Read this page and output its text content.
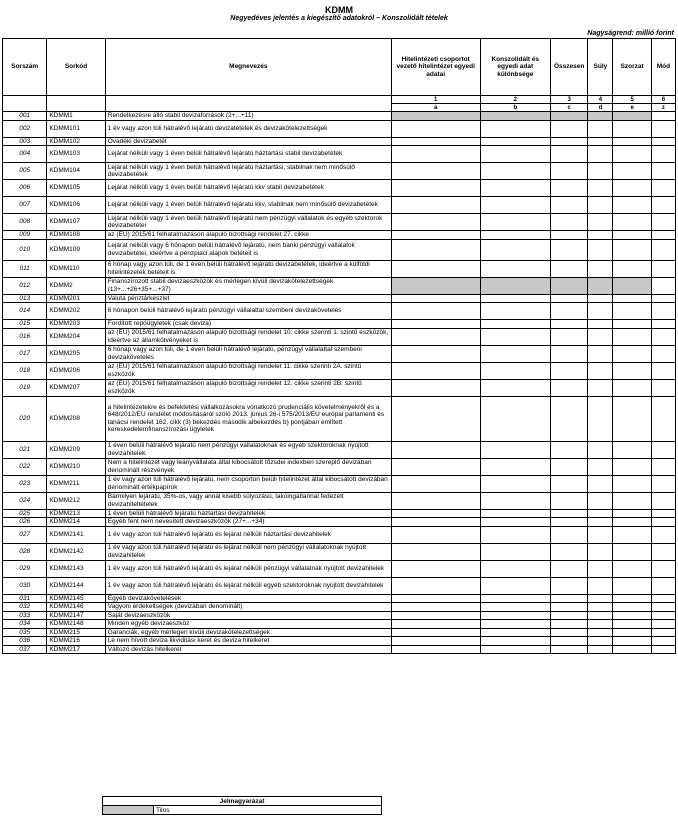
KDMM
Negyedéves jelentés a kiegészítő adatokról – Konszolidált tételek
Nagyságrend: millió forint
Sorszám	Sorkód	Megnevezés	Hitelintézeti csoportot vezető hitelintézet egyedi adatai	Konszolidált és egyedi adat különbsége	Összesen	Súly	Szorzat	Mód
			1	2	3	4	5	6
			a	b	c	d	e	z
001	KDMM1	Rendelkezésre álló stabil devizaforrások (2+...+11)						
002	KDMM101	1 év vagy azon túli hátralévő lejáratú devizatételek és devizakötelezettségek						
003	KDMM102	Óvadéki devizabetét						
004	KDMM103	Lejárat nélküli vagy 1 éven belüli hátralévő lejáratú háztartási stabil devizabetétek						
005	KDMM104	Lejárat nélküli vagy 1 éven belüli hátralévő lejáratú háztartási, stabilnak nem minősülő devizabetétek						
006	KDMM105	Lejárat nélküli vagy 1 éven belüli hátralévő lejáratú kkv stabil devizabetétek						
007	KDMM106	Lejárat nélküli vagy 1 éven belüli hátralévő lejáratú kkv, stabilnak nem minősülő devizabetétek						
008	KDMM107	Lejárat nélküli vagy 1 éven belüli hátralévő lejáratú nem pénzügyi vállalatok és egyéb szektorok devizabetétei						
009	KDMM108	az (EU) 2015/61 felhatalmazáson alapuló bizottsági rendelet 27. cikke						
010	KDMM109	Lejárat nélküli vagy 6 hónapon belüli hátralévő lejáratú, nem banki pénzügyi vállalatok devizabetétei, ideértve a pénzpiaci alapok betéteit is						
011	KDMM110	6 hónap vagy azon túli, de 1 éven belüli hátralévő lejáratú devizabetétek, ideértve a külföldi hitelintézetek betéteit is						
012	KDMM2	Finanszírozott stabil devizaeszközök és mérlegen kívüli devizakötelezettségek (13+...+26+35+...+37)						
013	KDMM201	Valuta pénztárkészlet						
014	KDMM202	6 hónapon belüli hátralévő lejáratú pénzügyi vállalattal szembeni devizakövetelés						
015	KDMM203	Fordított repóügyletek (csak deviza)						
016	KDMM204	az (EU) 2015/61 felhatalmazáson alapuló bizottsági rendelet 10. cikke szerinti 1. szintű eszközök, ideértve az államkötvényeket is						
017	KDMM205	6 hónap vagy azon túli, de 1 éven belüli hátralévő lejáratú, pénzügyi vállalattal szembeni devizakövetelés						
018	KDMM206	az (EU) 2015/61 felhatalmazáson alapuló bizottsági rendelet 11. cikke szerinti 2A. szintű eszközök						
019	KDMM207	az (EU) 2015/61 felhatalmazáson alapuló bizottsági rendelet 12. cikke szerinti 2B. szintű eszközök						
020	KDMM208	a hitelintézetekre és befektetési vállalkozásokra vonatkozó prudenciális követelményekről és a 648/2012/EU rendelet módosításáról szóló 2013. június 26-i 575/2013/EU európai parlamenti és tanácsi rendelet 162. cikk (3) bekezdés második albekezdés b) pontjában említett kereskedelemfinanszírozási ügyletek						
021	KDMM209	1 éven belüli hátralévő lejáratú nem pénzügyi vállalatoknak és egyéb szektoroknak nyújtott devizahitelek						
022	KDMM210	Nem a hitelintézet vagy leányvállalata által kibocsátott tőzsdei indexben szereplő devizában denominált részvények						
023	KDMM211	1 év vagy azon túli hátralévő lejáratú, nem csoporton belüli hitelintézet által kibocsátott devizában denominált értékpapírok						
024	KDMM212	Bármilyen lejáratú, 35%-os, vagy annál kisebb súlyozású, lakóingatlannal fedezett devizahiteltételek						
025	KDMM213	1 éven belüli hátralévő lejáratú háztartási devizahitelek						
026	KDMM214	Egyéb fent nem nevesített devizaeszközök (27+...+34)						
027	KDMM2141	1 év vagy azon túli hátralévő lejáratú és lejárat nélküli háztartási devizahitelek						
028	KDMM2142	1 év vagy azon túli hátralévő lejáratú és lejárat nélküli nem pénzügyi vállalatoknak nyújtott devizahitelek						
029	KDMM2143	1 év vagy azon túli hátralévő lejáratú és lejárat nélküli pénzügyi vállalatnak nyújtott devizahitelek						
030	KDMM2144	1 év vagy azon túli hátralévő lejáratú és lejárat nélküli egyéb szektoroknak nyújtott devizahitelek						
031	KDMM2145	Egyéb devizakövetelések						
032	KDMM2146	Vagyoni érdekeltségek (devizában denominált)						
033	KDMM2147	Saját devizaeszközök						
034	KDMM2148	Minden egyéb devizaeszköz						
035	KDMM215	Garanciák, egyéb mérlegen kívüli devizakötelezettségek						
036	KDMM216	Le nem hívott deviza likviditási keret és deviza hitelkeret						
037	KDMM217	Változó devizás hitelkeret						
Jelmagyarázat
	Tilos
